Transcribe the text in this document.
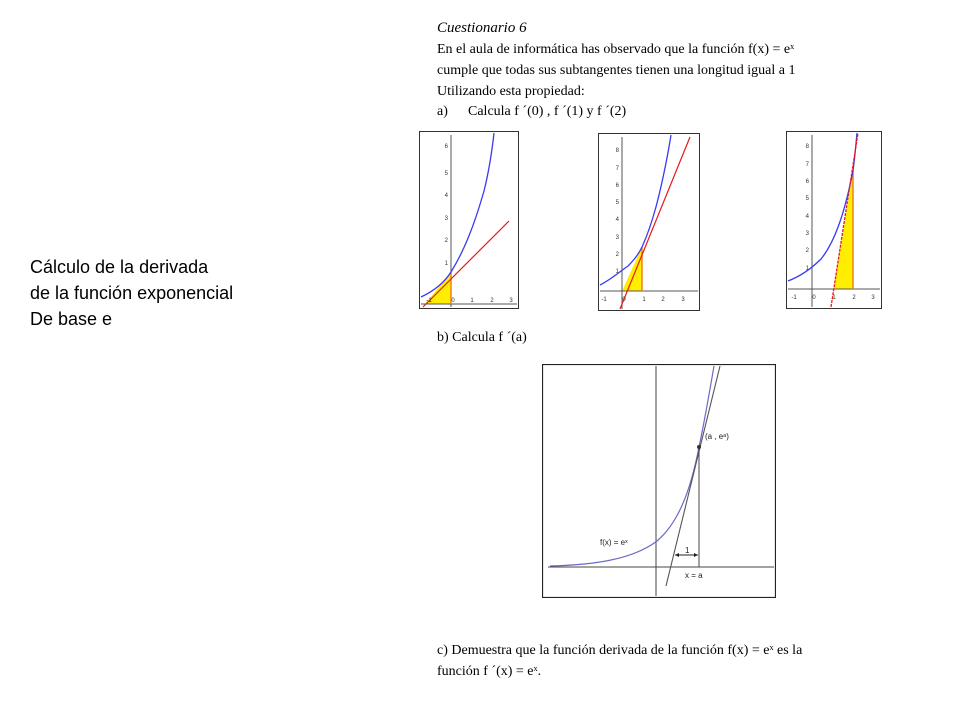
Cálculo de la derivada
de la función exponencial
De base e
Cuestionario 6
En el aula de informática has observado que la función f(x) = eˣ
cumple que todas sus subtangentes tienen una longitud igual a 1
Utilizando esta propiedad:
a) Calcula f ´(0) , f ´(1) y f ´(2)
6
5
4
3
2
1
-1	0	1	2	3
8
7
6
5
4
3
2
1
-1	0	1	2	3
8
7
6
5
4
3
2
1
-1	0	1	2	3
b) Calcula f ´(a)
(a , eᵃ)
f(x) = eˣ
1
x = a
c) Demuestra que la función derivada de la función f(x) = eˣ es la
función f ´(x) = eˣ.
